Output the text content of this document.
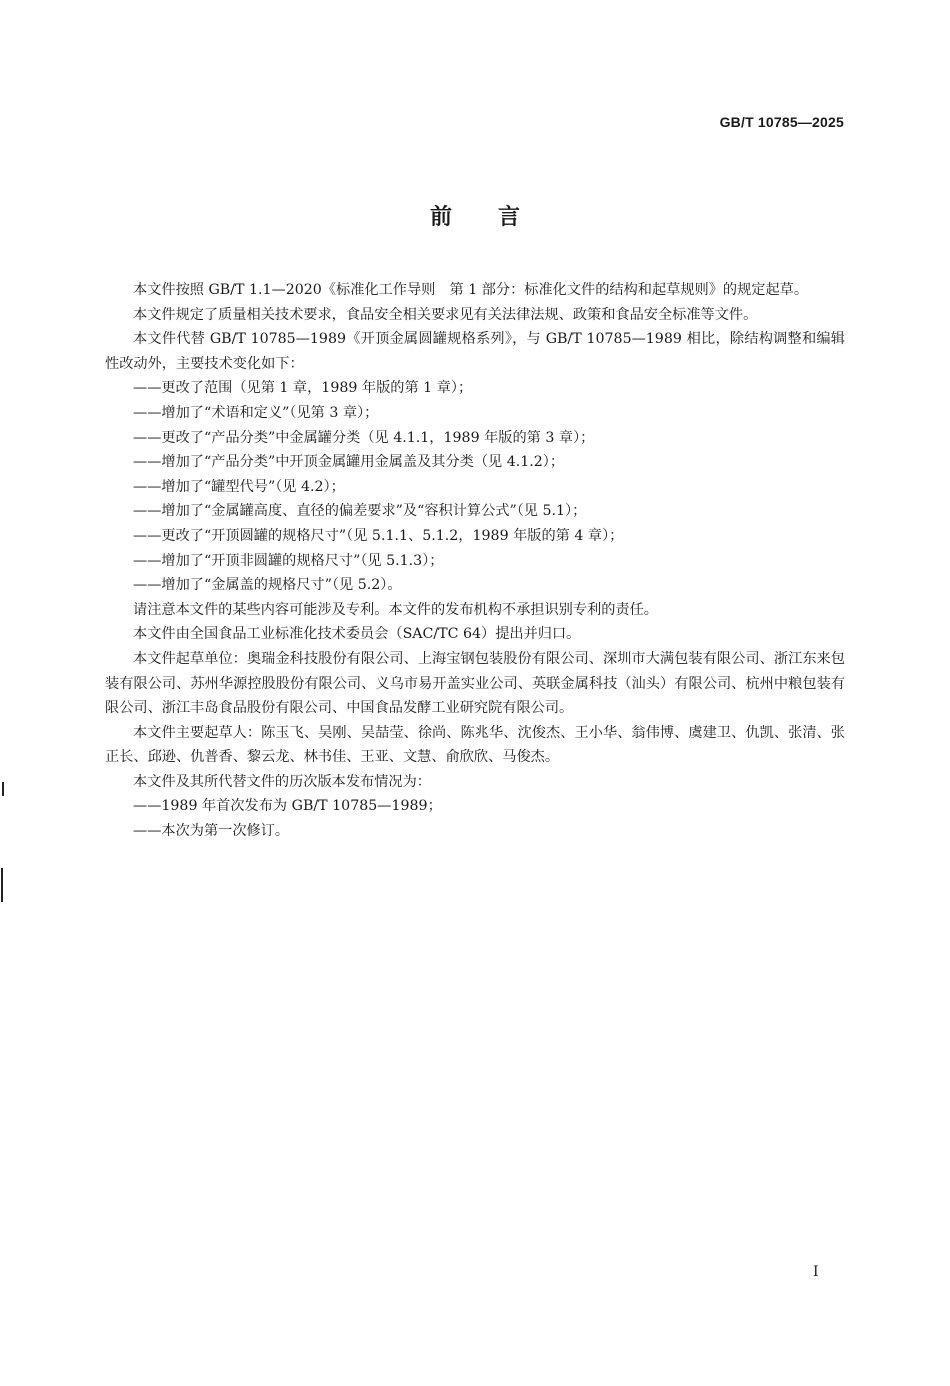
GB/T 10785—2025
前言

本文件按照 GB/T 1.1—2020《标准化工作导则　第 1 部分：标准化文件的结构和起草规则》的规定起草。

本文件规定了质量相关技术要求，食品安全相关要求见有关法律法规、政策和食品安全标准等文件。

本文件代替 GB/T 10785—1989《开顶金属圆罐规格系列》，与 GB/T 10785—1989 相比，除结构调整和编辑性改动外，主要技术变化如下：

——更改了范围（见第 1 章，1989 年版的第 1 章）；

——增加了“术语和定义”（见第 3 章）；

——更改了“产品分类”中金属罐分类（见 4.1.1，1989 年版的第 3 章）；

——增加了“产品分类”中开顶金属罐用金属盖及其分类（见 4.1.2）；

——增加了“罐型代号”（见 4.2）；

——增加了“金属罐高度、直径的偏差要求”及“容积计算公式”（见 5.1）；

——更改了“开顶圆罐的规格尺寸”（见 5.1.1、5.1.2，1989 年版的第 4 章）；

——增加了“开顶非圆罐的规格尺寸”（见 5.1.3）；

——增加了“金属盖的规格尺寸”（见 5.2）。

请注意本文件的某些内容可能涉及专利。本文件的发布机构不承担识别专利的责任。

本文件由全国食品工业标准化技术委员会（SAC/TC 64）提出并归口。

本文件起草单位：奥瑞金科技股份有限公司、上海宝钢包装股份有限公司、深圳市大满包装有限公司、浙江东来包装有限公司、苏州华源控股股份有限公司、义乌市易开盖实业公司、英联金属科技（汕头）有限公司、杭州中粮包装有限公司、浙江丰岛食品股份有限公司、中国食品发酵工业研究院有限公司。

本文件主要起草人：陈玉飞、吴刚、吴喆莹、徐尚、陈兆华、沈俊杰、王小华、翁伟博、虞建卫、仇凯、张清、张正长、邱逊、仇普香、黎云龙、林书佳、王亚、文慧、俞欣欣、马俊杰。

本文件及其所代替文件的历次版本发布情况为：

——1989 年首次发布为 GB/T 10785—1989；

——本次为第一次修订。

I
